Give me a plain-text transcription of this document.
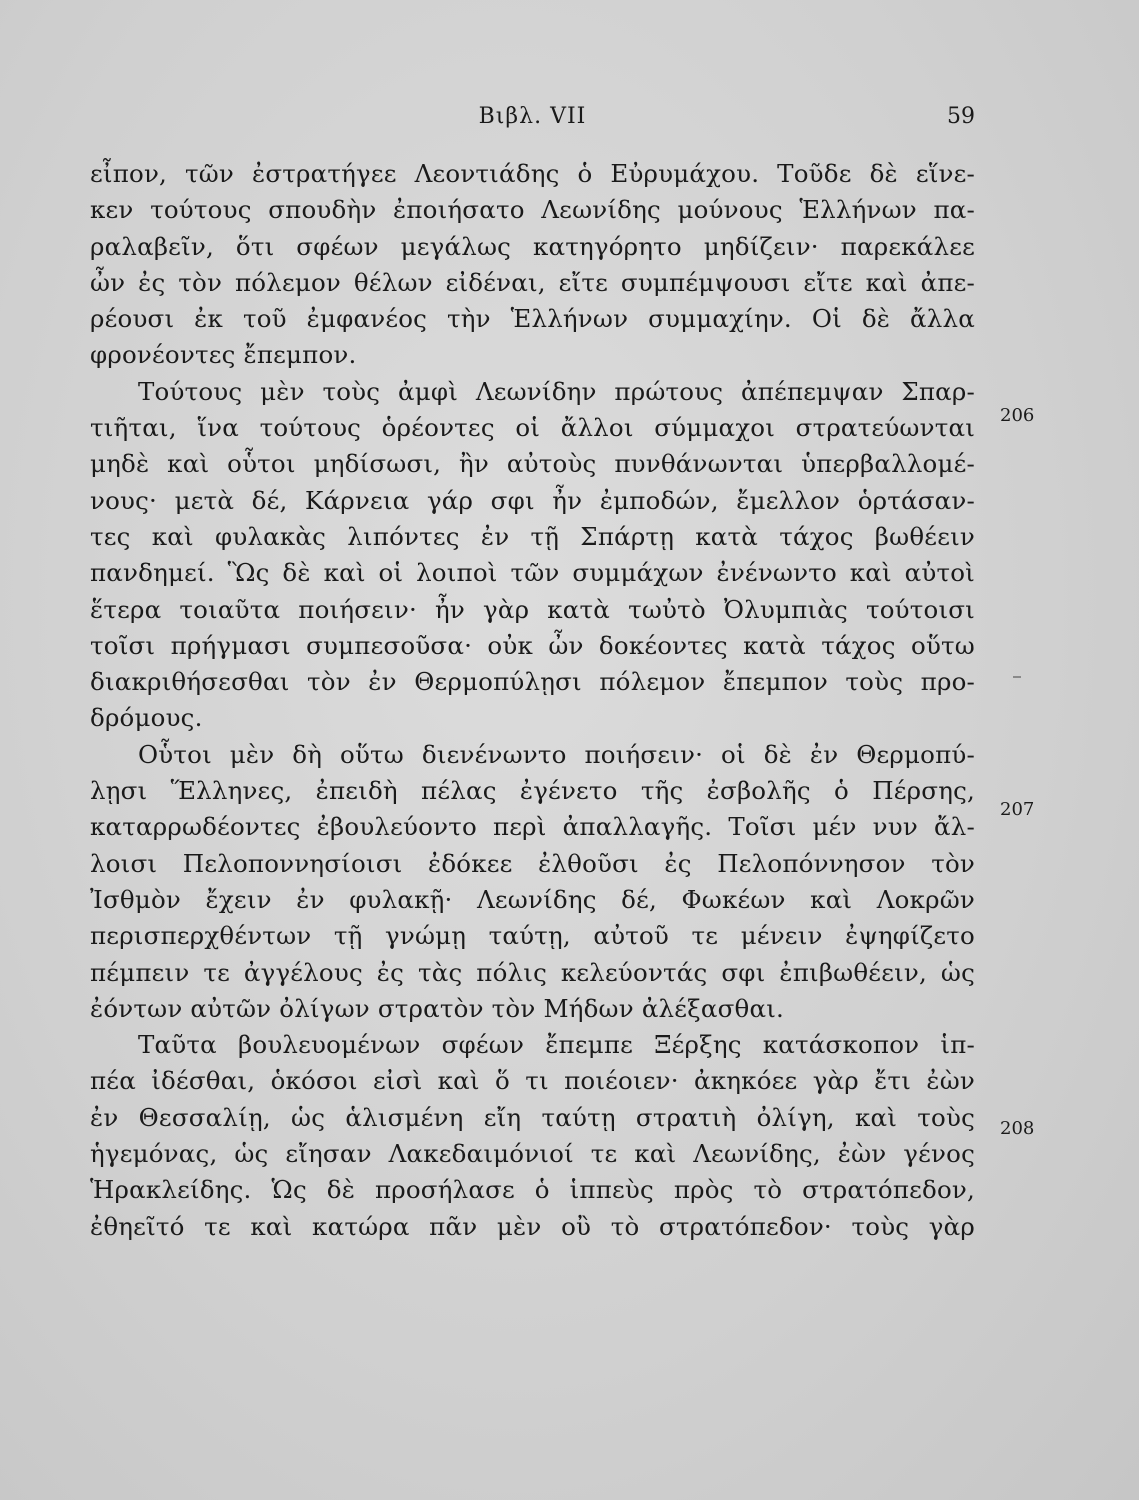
Βιβλ. VII	59
εἶπον, τῶν ἐστρατήγεε Λεοντιάδης ὁ Εὐρυμάχου. Τοῦδε δὲ εἵνε-
κεν τούτους σπουδὴν ἐποιήσατο Λεωνίδης μούνους Ἑλλήνων πα-
ραλαβεῖν, ὅτι σφέων μεγάλως κατηγόρητο μηδίζειν· παρεκάλεε
ὦν ἐς τὸν πόλεμον θέλων εἰδέναι, εἴτε συμπέμψουσι εἴτε καὶ ἀπε-
ρέουσι ἐκ τοῦ ἐμφανέος τὴν Ἑλλήνων συμμαχίην. Οἱ δὲ ἄλλα
φρονέοντες ἔπεμπον.
Τούτους μὲν τοὺς ἀμφὶ Λεωνίδην πρώτους ἀπέπεμψαν Σπαρ-
τιῆται, ἵνα τούτους ὁρέοντες οἱ ἄλλοι σύμμαχοι στρατεύωνται
μηδὲ καὶ οὗτοι μηδίσωσι, ἢν αὐτοὺς πυνθάνωνται ὑπερβαλλομέ-
νους· μετὰ δέ, Κάρνεια γάρ σφι ἦν ἐμποδών, ἔμελλον ὁρτάσαν-
τες καὶ φυλακὰς λιπόντες ἐν τῇ Σπάρτῃ κατὰ τάχος βωθέειν
πανδημεί. Ὣς δὲ καὶ οἱ λοιποὶ τῶν συμμάχων ἐνένωντο καὶ αὐτοὶ
ἕτερα τοιαῦτα ποιήσειν· ἦν γὰρ κατὰ τωὐτὸ Ὀλυμπιὰς τούτοισι
τοῖσι πρήγμασι συμπεσοῦσα· οὐκ ὦν δοκέοντες κατὰ τάχος οὕτω
διακριθήσεσθαι τὸν ἐν Θερμοπύλῃσι πόλεμον ἔπεμπον τοὺς προ-
δρόμους.
Οὗτοι μὲν δὴ οὕτω διενένωντο ποιήσειν· οἱ δὲ ἐν Θερμοπύ-
λῃσι Ἕλληνες, ἐπειδὴ πέλας ἐγένετο τῆς ἐσβολῆς ὁ Πέρσης,
καταρρωδέοντες ἐβουλεύοντο περὶ ἀπαλλαγῆς. Τοῖσι μέν νυν ἄλ-
λοισι Πελοποννησίοισι ἐδόκεε ἐλθοῦσι ἐς Πελοπόννησον τὸν
Ἰσθμὸν ἔχειν ἐν φυλακῇ· Λεωνίδης δέ, Φωκέων καὶ Λοκρῶν
περισπερχθέντων τῇ γνώμῃ ταύτῃ, αὐτοῦ τε μένειν ἐψηφίζετο
πέμπειν τε ἀγγέλους ἐς τὰς πόλις κελεύοντάς σφι ἐπιβωθέειν, ὡς
ἐόντων αὐτῶν ὀλίγων στρατὸν τὸν Μήδων ἀλέξασθαι.
Ταῦτα βουλευομένων σφέων ἔπεμπε Ξέρξης κατάσκοπον ἱπ-
πέα ἰδέσθαι, ὁκόσοι εἰσὶ καὶ ὅ τι ποιέοιεν· ἀκηκόεε γὰρ ἔτι ἐὼν
ἐν Θεσσαλίῃ, ὡς ἁλισμένη εἴη ταύτῃ στρατιὴ ὀλίγη, καὶ τοὺς
ἡγεμόνας, ὡς εἴησαν Λακεδαιμόνιοί τε καὶ Λεωνίδης, ἐὼν γένος
Ἡρακλείδης. Ὡς δὲ προσήλασε ὁ ἱππεὺς πρὸς τὸ στρατόπεδον,
ἐθηεῖτό τε καὶ κατώρα πᾶν μὲν οὒ τὸ στρατόπεδον· τοὺς γὰρ
206
207
208
